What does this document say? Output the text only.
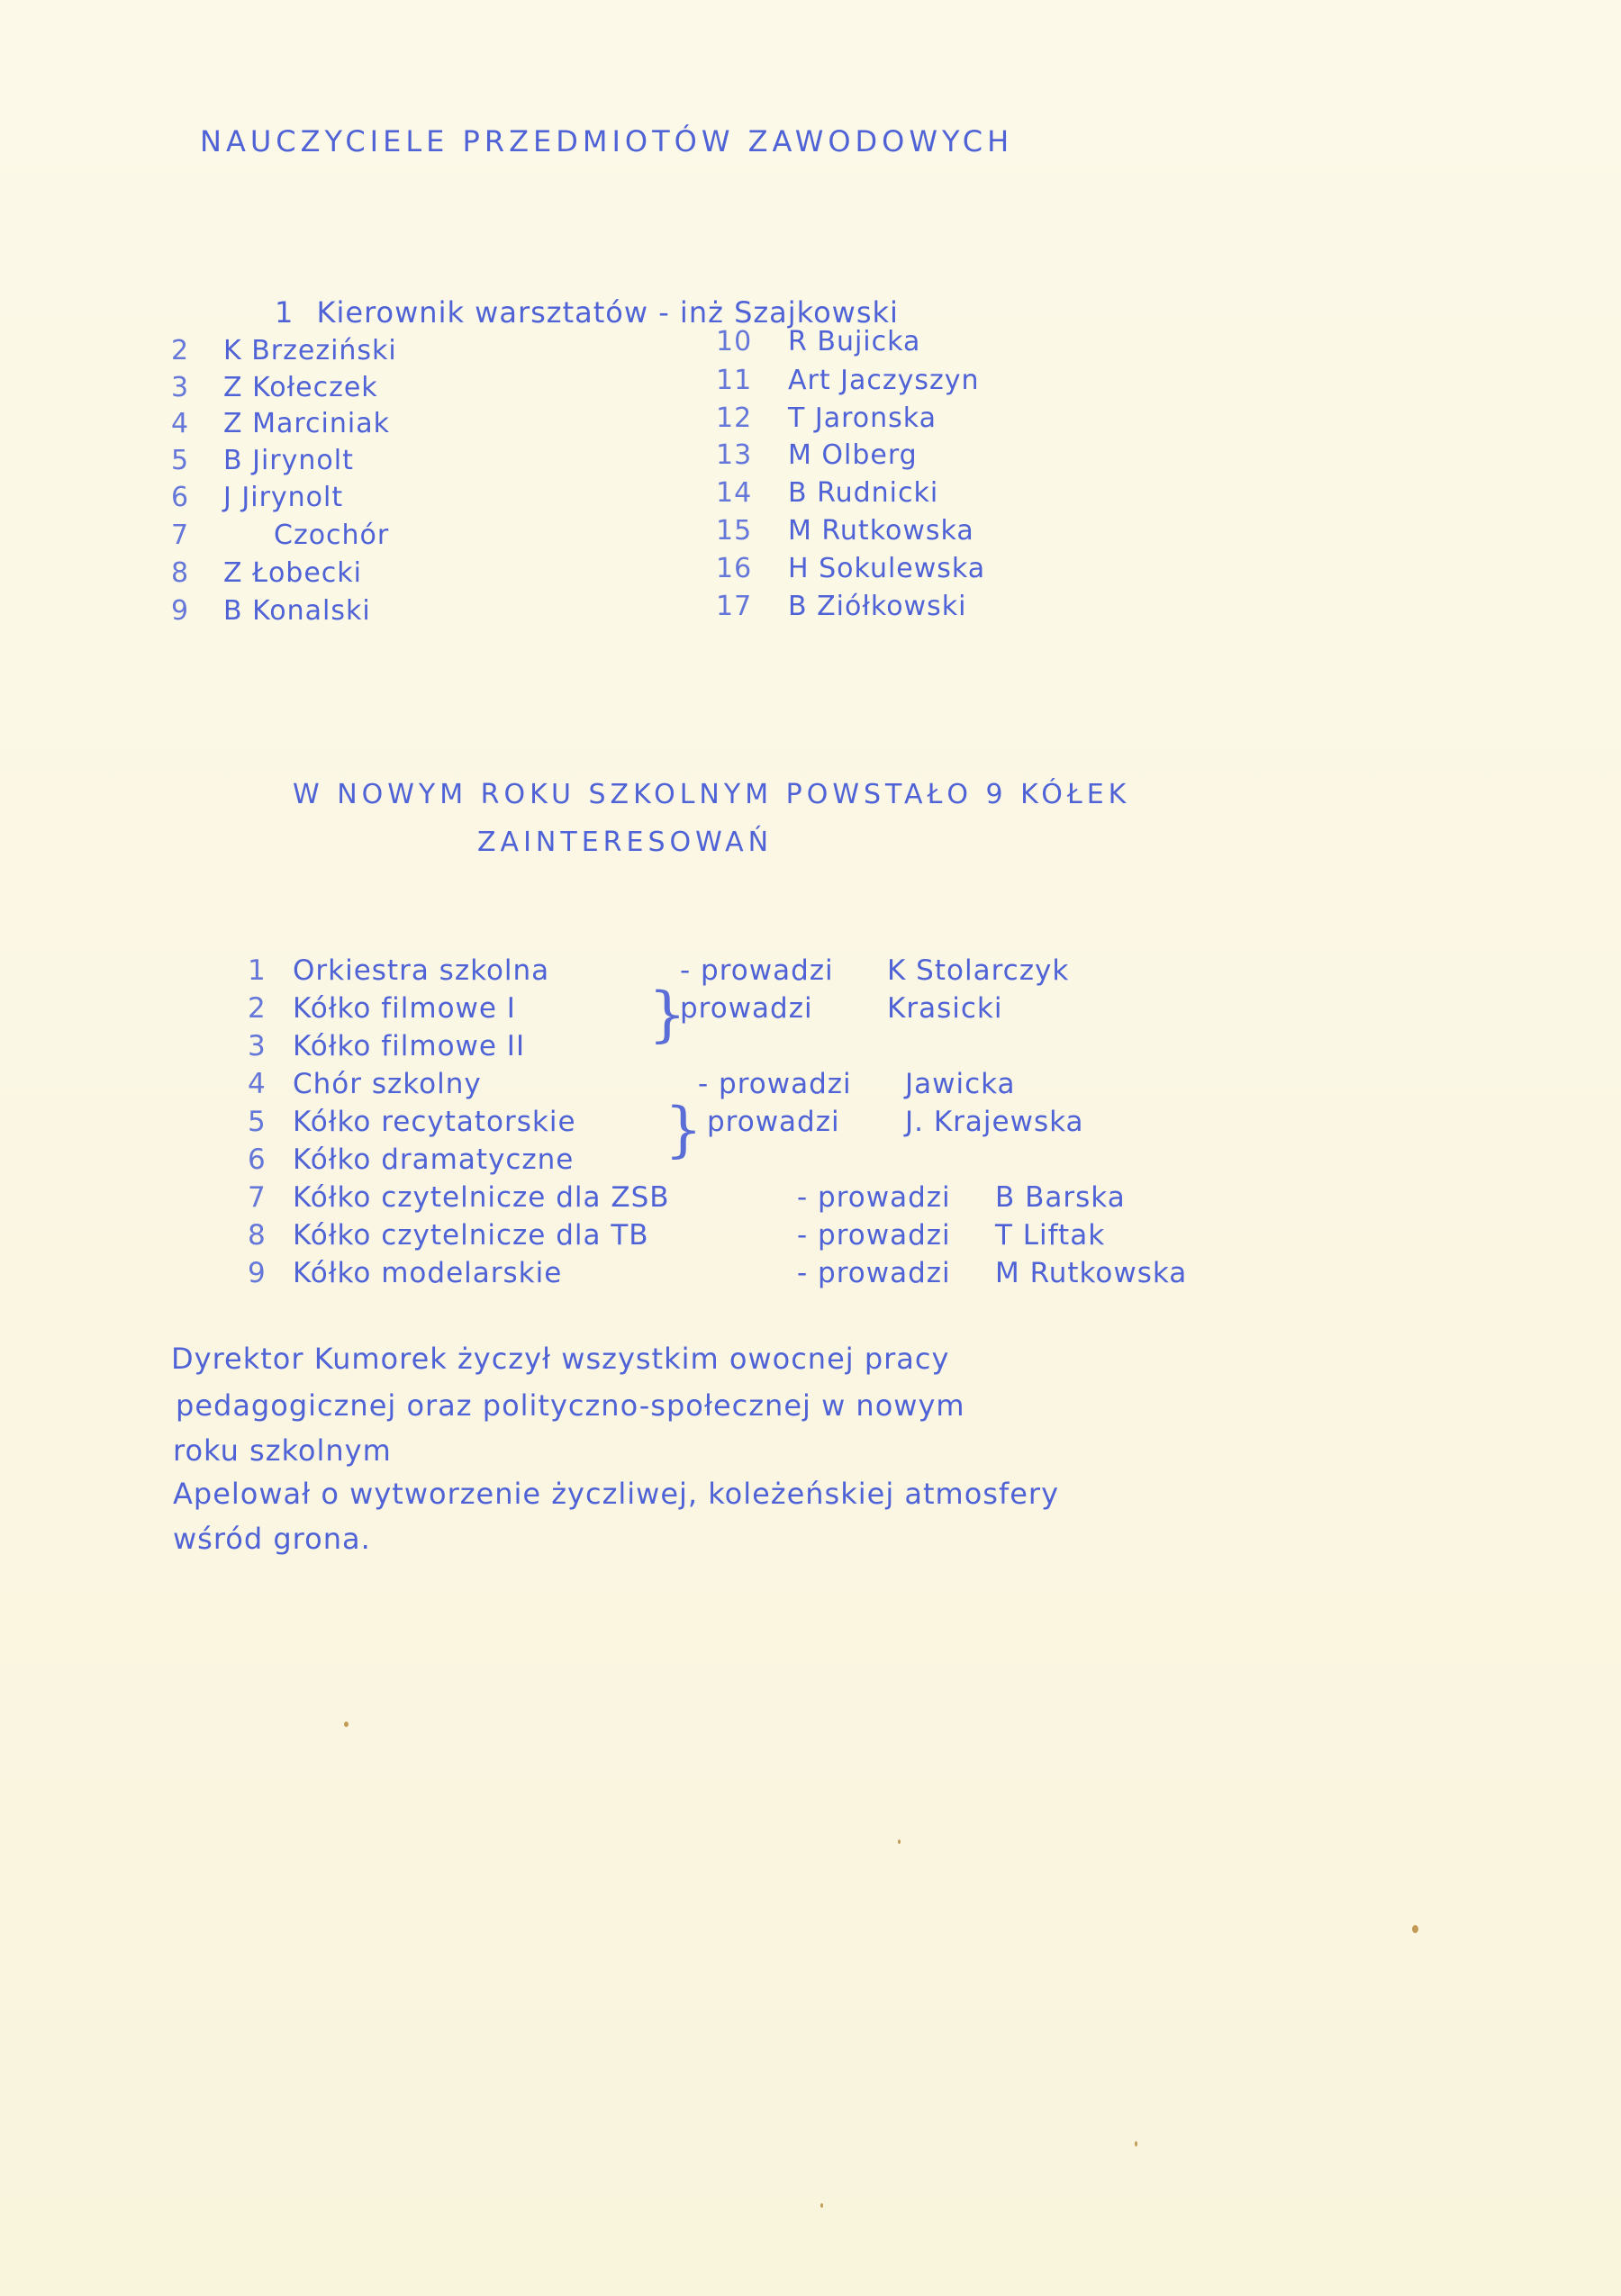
NAUCZYCIELE PRZEDMIOTÓW ZAWODOWYCH
1 Kierownik warsztatów - inż Szajkowski
2 K Brzeziński
3 Z Kołeczek
4 Z Marciniak
5 B Jirynolt
6 J Jirynolt
7	Czochór
8 Z Łobecki
9 B Konalski
10 R Bujicka
11 Art Jaczyszyn
12 T Jaronska
13 M Olberg
14 B Rudnicki
15 M Rutkowska
16 H Sokulewska
17 B Ziółkowski
W NOWYM ROKU SZKOLNYM POWSTAŁO 9 KÓŁEK
ZAINTERESOWAŃ
1 Orkiestra szkolna	- prowadzi K Stolarczyk
2 Kółko filmowe I	prowadzi	Krasicki
3 Kółko filmowe II	}
4 Chór szkolny	- prowadzi Jawicka
5 Kółko recytatorskie	prowadzi J. Krajewska
6 Kółko dramatyczne	}
7 Kółko czytelnicze dla ZSB	- prowadzi B Barska
8 Kółko czytelnicze dla TB	- prowadzi T Liftak
9 Kółko modelarskie	- prowadzi M Rutkowska
Dyrektor Kumorek życzył wszystkim owocnej pracy
pedagogicznej oraz polityczno-społecznej w nowym
roku szkolnym
Apelował o wytworzenie życzliwej, koleżeńskiej atmosfery
wśród grona.
